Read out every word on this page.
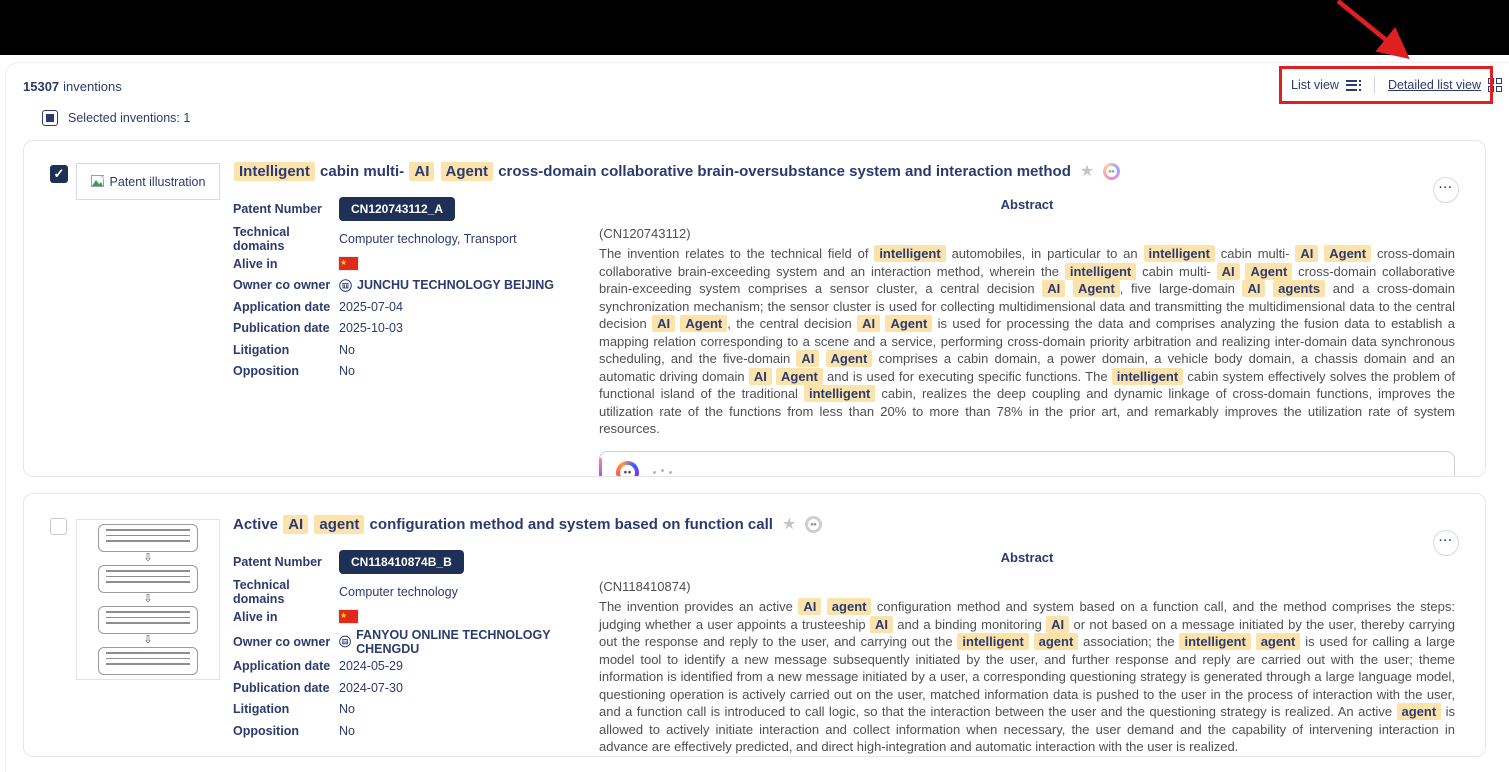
15307 inventions
Selected inventions: 1
List view	Detailed list view
✓
Patent illustration	···
Intelligent cabin multi- AI Agent cross-domain collaborative brain-oversubstance system and interaction method ★
Patent Number	CN120743112_A
Technical domains	Computer technology, Transport
Alive in	★
Owner co owner	JUNCHU TECHNOLOGY BEIJING
Application date 2025-07-04
Publication date 2025-10-03
Litigation	No
Opposition	No
Abstract
(CN120743112)
The invention relates to the technical field of intelligent automobiles, in particular to an intelligent cabin multi- AI Agent cross-domain collaborative brain-exceeding system and an interaction method, wherein the intelligent cabin multi- AI Agent cross-domain collaborative brain-exceeding system comprises a sensor cluster, a central decision AI Agent , five large-domain AI agents and a cross-domain synchronization mechanism; the sensor cluster is used for collecting multidimensional data and transmitting the multidimensional data to the central decision AI Agent , the central decision AI Agent is used for processing the data and comprises analyzing the fusion data to establish a mapping relation corresponding to a scene and a service, performing cross-domain priority arbitration and realizing inter-domain data synchronous scheduling, and the five-domain AI Agent comprises a cabin domain, a power domain, a vehicle body domain, a chassis domain and an automatic driving domain AI Agent and is used for executing specific functions. The intelligent cabin system effectively solves the problem of functional island of the traditional intelligent cabin, realizes the deep coupling and dynamic linkage of cross-domain functions, improves the utilization rate of the functions from less than 20% to more than 78% in the prior art, and remarkably improves the utilization rate of system resources.
⇩
⇩
⇩
···
Active AI agent configuration method and system based on function call ★
Patent Number	CN118410874B_B
Technical domains	Computer technology
Alive in	★
Owner co owner	FANYOU ONLINE TECHNOLOGY CHENGDU
Application date 2024-05-29
Publication date 2024-07-30
Litigation	No
Opposition	No
Abstract
(CN118410874)
The invention provides an active AI agent configuration method and system based on a function call, and the method comprises the steps: judging whether a user appoints a trusteeship AI and a binding monitoring AI or not based on a message initiated by the user, thereby carrying out the response and reply to the user, and carrying out the intelligent agent association; the intelligent agent is used for calling a large model tool to identify a new message subsequently initiated by the user, and further response and reply are carried out with the user; theme information is identified from a new message initiated by a user, a corresponding questioning strategy is generated through a large language model, questioning operation is actively carried out on the user, matched information data is pushed to the user in the process of interaction with the user, and a function call is introduced to call logic, so that the interaction between the user and the questioning strategy is realized. An active agent is allowed to actively initiate interaction and collect information when necessary, the user demand and the capability of intervening interaction in advance are effectively predicted, and direct high-integration and automatic interaction with the user is realized.
